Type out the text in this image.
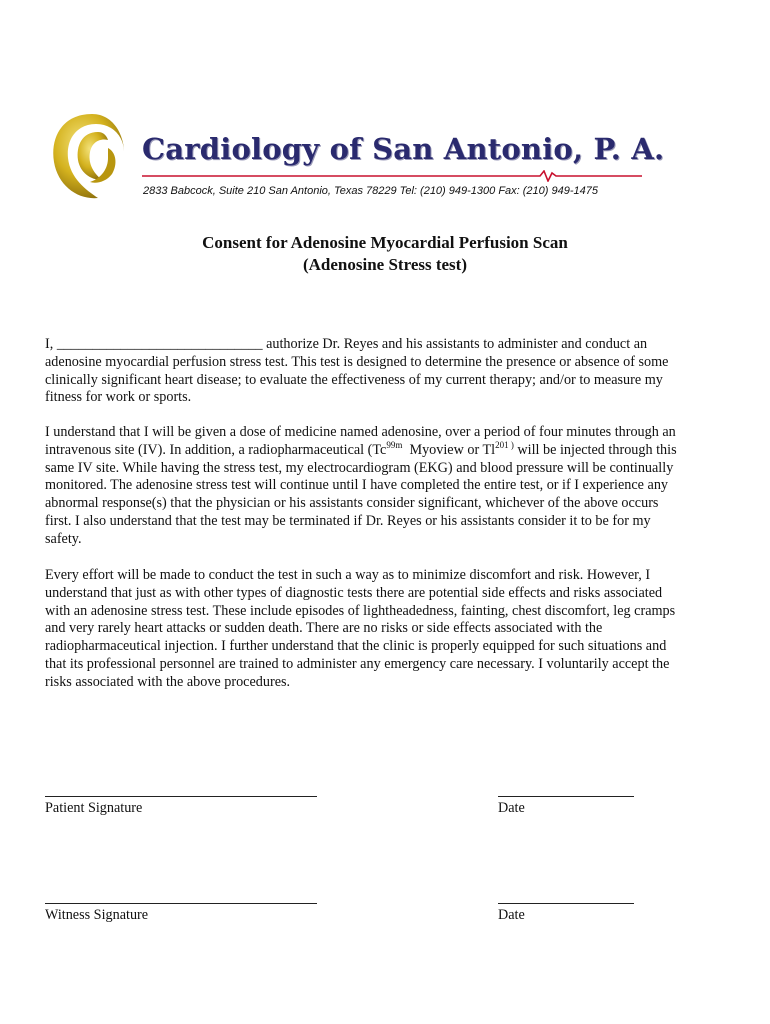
Cardiology of San Antonio, P. A.
2833 Babcock, Suite 210 San Antonio, Texas 78229 Tel: (210) 949-1300 Fax: (210) 949-1475
Consent for Adenosine Myocardial Perfusion Scan
(Adenosine Stress test)

I, _____________________________ authorize Dr. Reyes and his assistants to administer and conduct an
adenosine myocardial perfusion stress test. This test is designed to determine the presence or absence of some
clinically significant heart disease; to evaluate the effectiveness of my current therapy; and/or to measure my
fitness for work or sports.

I understand that I will be given a dose of medicine named adenosine, over a period of four minutes through an
intravenous site (IV). In addition, a radiopharmaceutical ($Tc^{99m}$  Myoview or $Tl^{201 )}$ will be injected through this
same IV site. While having the stress test, my electrocardiogram (EKG) and blood pressure will be continually
monitored. The adenosine stress test will continue until I have completed the entire test, or if I experience any
abnormal response(s) that the physician or his assistants consider significant, whichever of the above occurs
first. I also understand that the test may be terminated if Dr. Reyes or his assistants consider it to be for my
safety.

Every effort will be made to conduct the test in such a way as to minimize discomfort and risk. However, I
understand that just as with other types of diagnostic tests there are potential side effects and risks associated
with an adenosine stress test. These include episodes of lightheadedness, fainting, chest discomfort, leg cramps
and very rarely heart attacks or sudden death. There are no risks or side effects associated with the
radiopharmaceutical injection. I further understand that the clinic is properly equipped for such situations and
that its professional personnel are trained to administer any emergency care necessary. I voluntarily accept the
risks associated with the above procedures.

Patient Signature	Date
Witness Signature	Date
